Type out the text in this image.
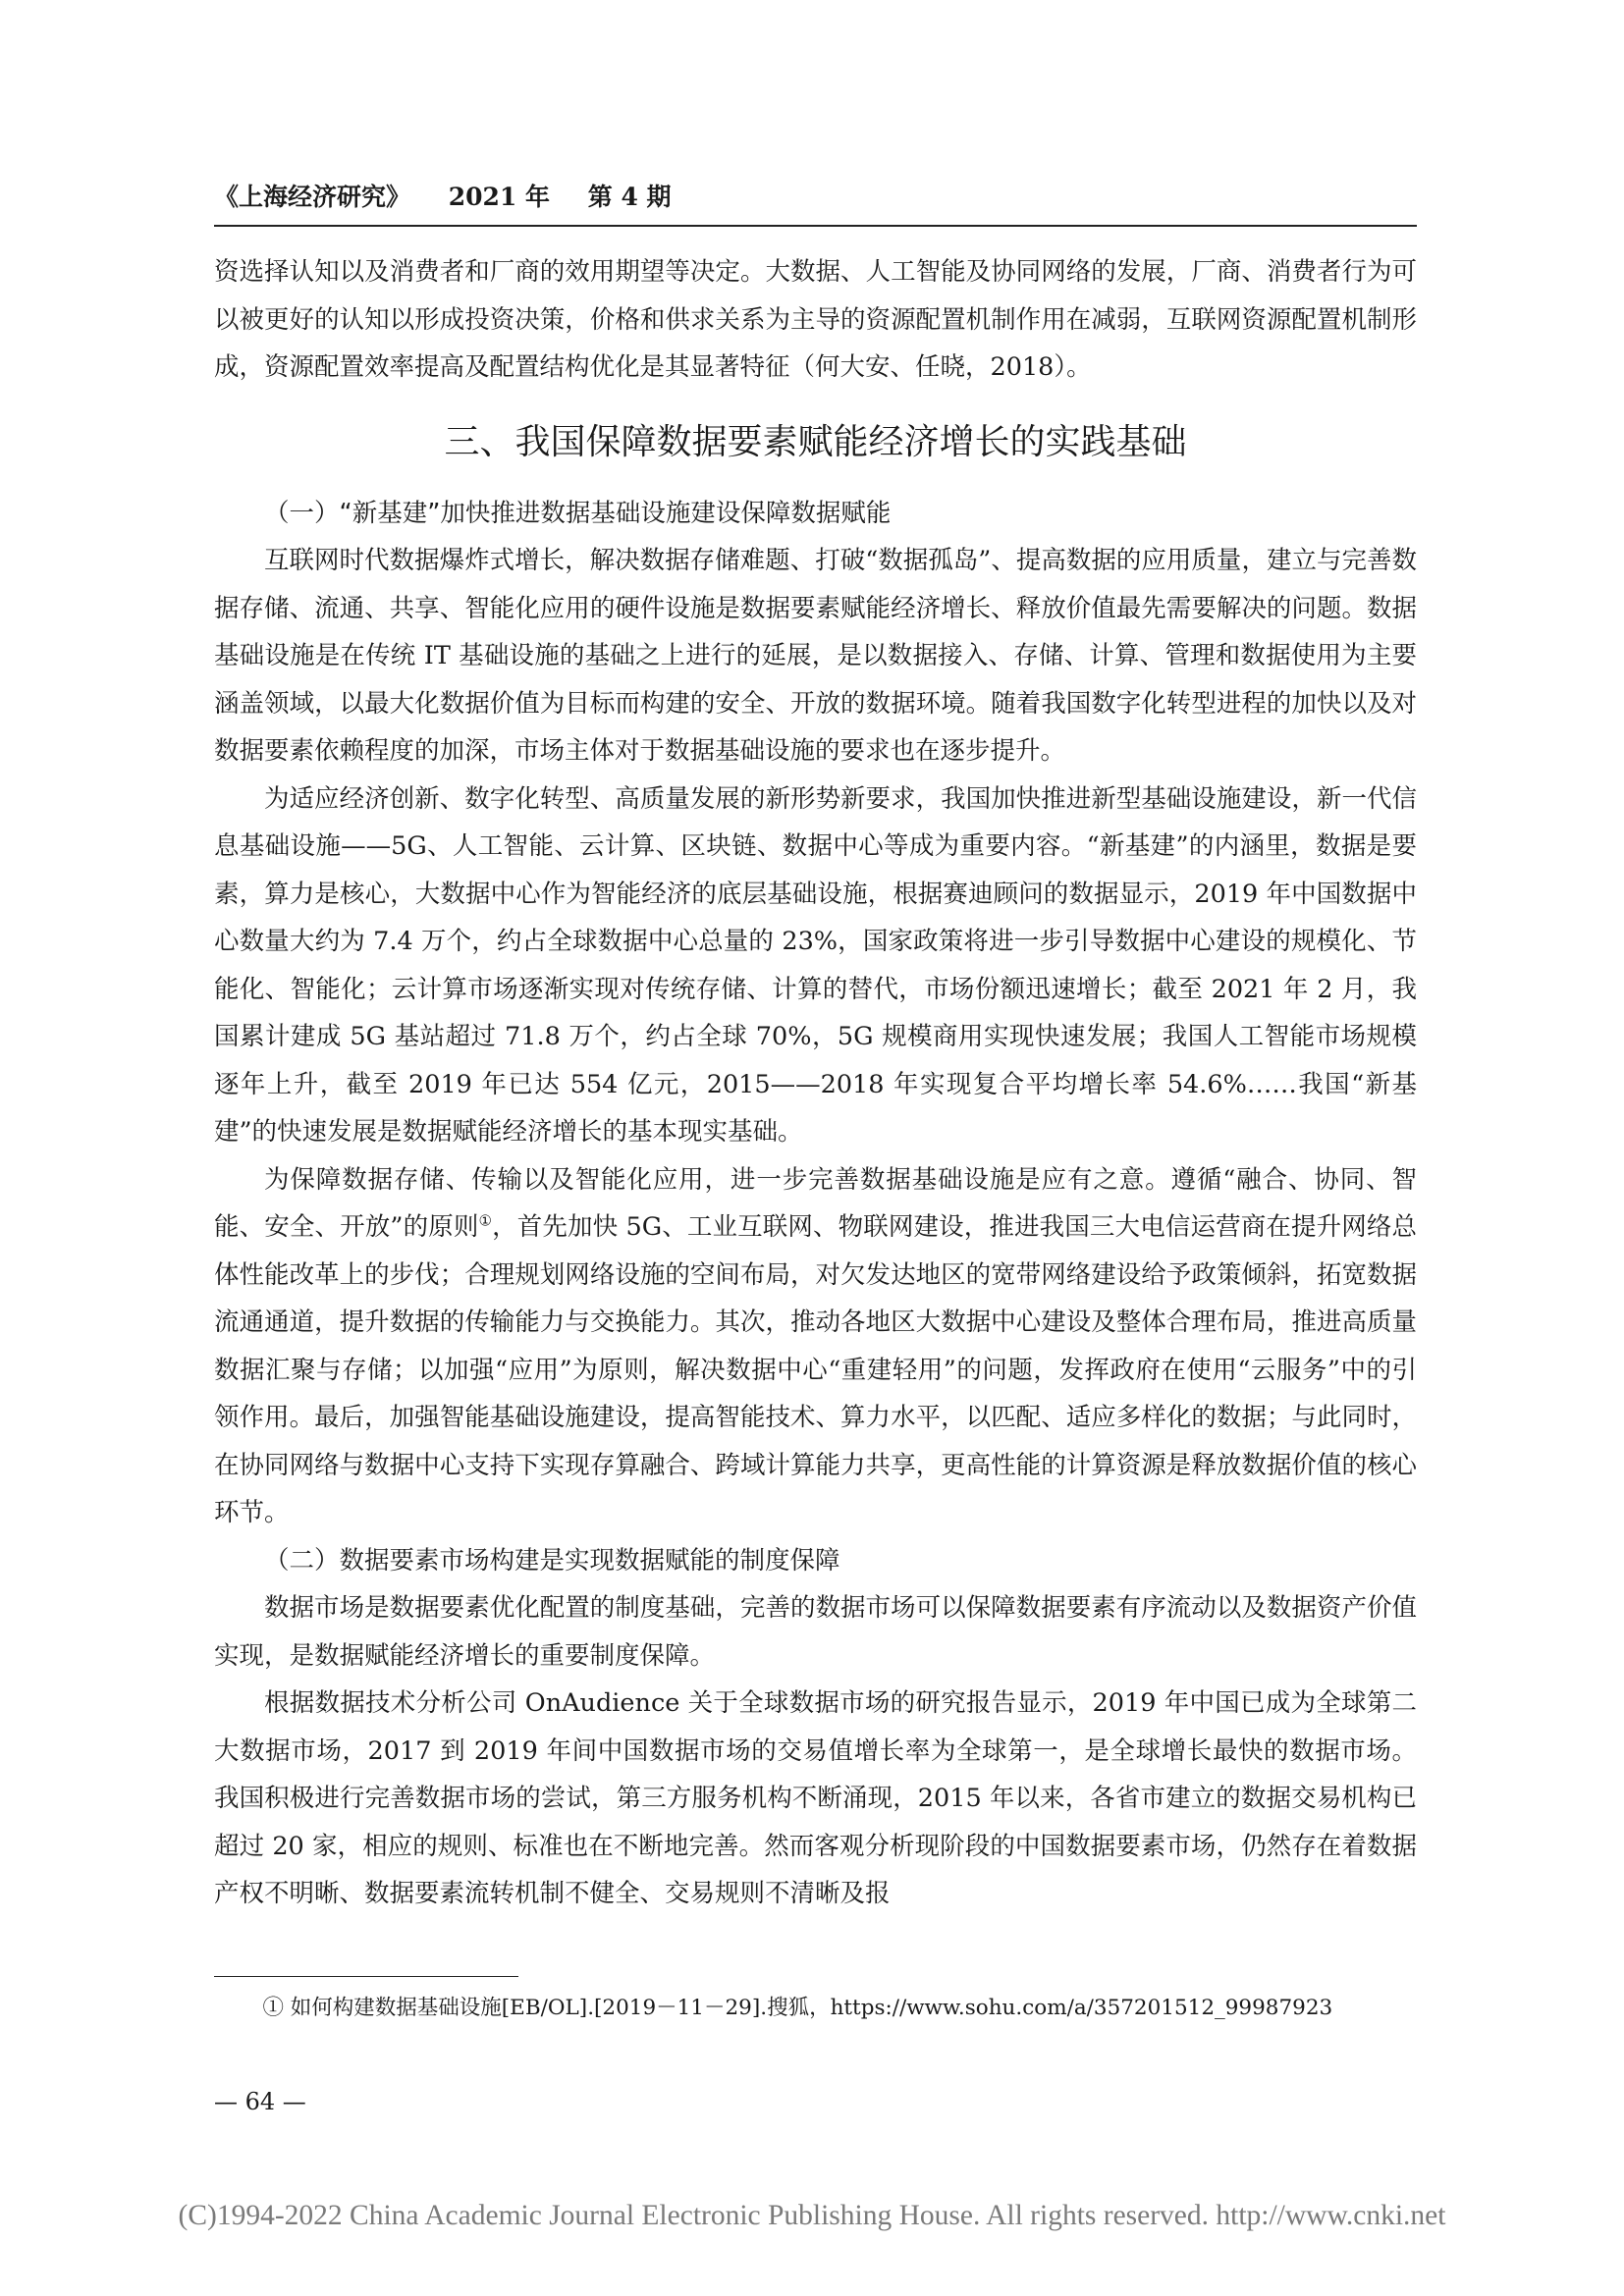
《上海经济研究》 2021 年 第 4 期

资选择认知以及消费者和厂商的效用期望等决定。大数据、人工智能及协同网络的发展，厂商、消费者行为可以被更好的认知以形成投资决策，价格和供求关系为主导的资源配置机制作用在减弱，互联网资源配置机制形成，资源配置效率提高及配置结构优化是其显著特征（何大安、任晓，2018）。

三、我国保障数据要素赋能经济增长的实践基础

（一）“新基建”加快推进数据基础设施建设保障数据赋能

互联网时代数据爆炸式增长，解决数据存储难题、打破“数据孤岛”、提高数据的应用质量，建立与完善数据存储、流通、共享、智能化应用的硬件设施是数据要素赋能经济增长、释放价值最先需要解决的问题。数据基础设施是在传统 IT 基础设施的基础之上进行的延展，是以数据接入、存储、计算、管理和数据使用为主要涵盖领域，以最大化数据价值为目标而构建的安全、开放的数据环境。随着我国数字化转型进程的加快以及对数据要素依赖程度的加深，市场主体对于数据基础设施的要求也在逐步提升。

为适应经济创新、数字化转型、高质量发展的新形势新要求，我国加快推进新型基础设施建设，新一代信息基础设施——5G、人工智能、云计算、区块链、数据中心等成为重要内容。“新基建”的内涵里，数据是要素，算力是核心，大数据中心作为智能经济的底层基础设施，根据赛迪顾问的数据显示，2019 年中国数据中心数量大约为 7.4 万个，约占全球数据中心总量的 23%，国家政策将进一步引导数据中心建设的规模化、节能化、智能化；云计算市场逐渐实现对传统存储、计算的替代，市场份额迅速增长；截至 2021 年 2 月，我国累计建成 5G 基站超过 71.8 万个，约占全球 70%，5G 规模商用实现快速发展；我国人工智能市场规模逐年上升，截至 2019 年已达 554 亿元，2015——2018 年实现复合平均增长率 54.6%……我国“新基建”的快速发展是数据赋能经济增长的基本现实基础。

为保障数据存储、传输以及智能化应用，进一步完善数据基础设施是应有之意。遵循“融合、协同、智能、安全、开放”的原则①，首先加快 5G、工业互联网、物联网建设，推进我国三大电信运营商在提升网络总体性能改革上的步伐；合理规划网络设施的空间布局，对欠发达地区的宽带网络建设给予政策倾斜，拓宽数据流通通道，提升数据的传输能力与交换能力。其次，推动各地区大数据中心建设及整体合理布局，推进高质量数据汇聚与存储；以加强“应用”为原则，解决数据中心“重建轻用”的问题，发挥政府在使用“云服务”中的引领作用。最后，加强智能基础设施建设，提高智能技术、算力水平，以匹配、适应多样化的数据；与此同时，在协同网络与数据中心支持下实现存算融合、跨域计算能力共享，更高性能的计算资源是释放数据价值的核心环节。

（二）数据要素市场构建是实现数据赋能的制度保障

数据市场是数据要素优化配置的制度基础，完善的数据市场可以保障数据要素有序流动以及数据资产价值实现，是数据赋能经济增长的重要制度保障。

根据数据技术分析公司 OnAudience 关于全球数据市场的研究报告显示，2019 年中国已成为全球第二大数据市场，2017 到 2019 年间中国数据市场的交易值增长率为全球第一，是全球增长最快的数据市场。我国积极进行完善数据市场的尝试，第三方服务机构不断涌现，2015 年以来，各省市建立的数据交易机构已超过 20 家，相应的规则、标准也在不断地完善。然而客观分析现阶段的中国数据要素市场，仍然存在着数据产权不明晰、数据要素流转机制不健全、交易规则不清晰及报

① 如何构建数据基础设施[EB/OL].[2019－11－29].搜狐，https://www.sohu.com/a/357201512_99987923
— 64 —
(C)1994-2022 China Academic Journal Electronic Publishing House. All rights reserved. http://www.cnki.net
